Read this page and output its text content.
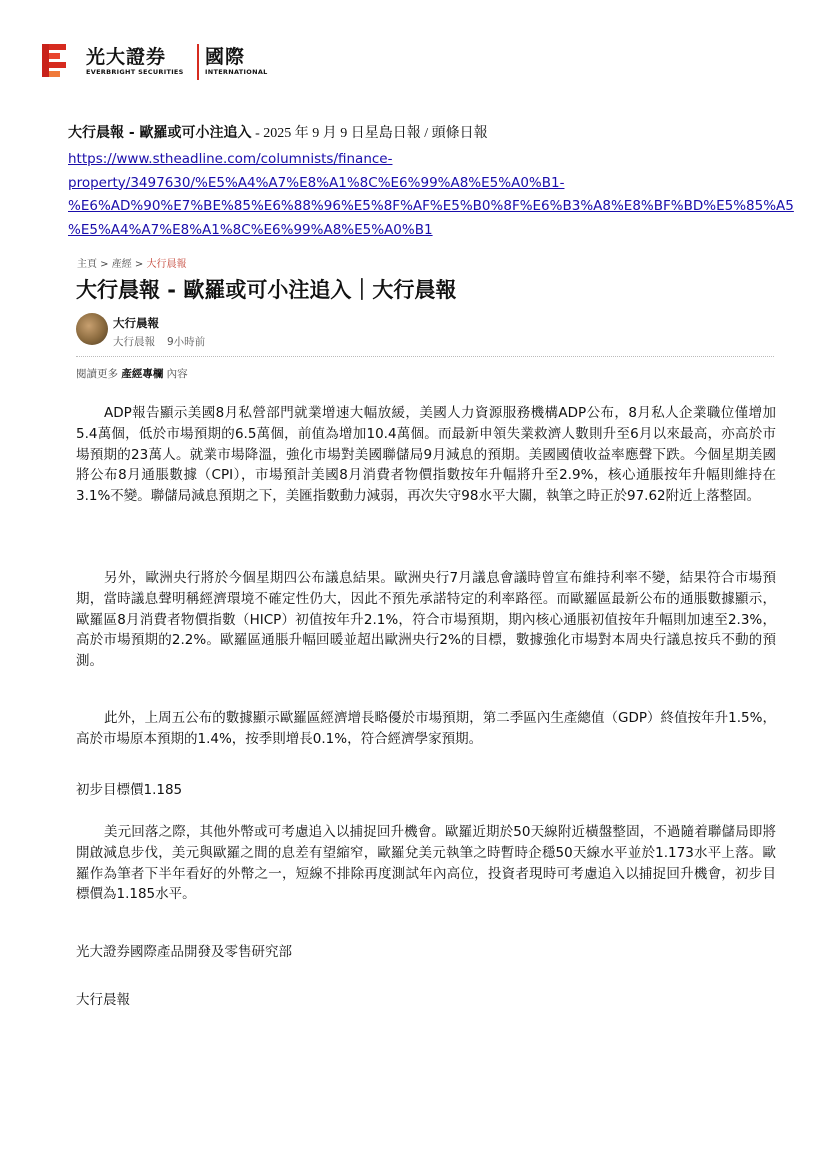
光大證券
EVERBRIGHT SECURITIES
國際
INTERNATIONAL
大行晨報 - 歐羅或可小注追入 - 2025 年 9 月 9 日星島日報 / 頭條日報
https://www.stheadline.com/columnists/finance-
property/3497630/%E5%A4%A7%E8%A1%8C%E6%99%A8%E5%A0%B1-
%E6%AD%90%E7%BE%85%E6%88%96%E5%8F%AF%E5%B0%8F%E6%B3%A8%E8%BF%BD%E5%85%A5
%E5%A4%A7%E8%A1%8C%E6%99%A8%E5%A0%B1
主頁 > 產經 > 大行晨報
大行晨報 - 歐羅或可小注追入｜大行晨報
大行晨報
大行晨報 9小時前
閱讀更多 產經專欄 內容

ADP報告顯示美國8月私營部門就業增速大幅放緩，美國人力資源服務機構ADP公布，8月私人企業職位僅增加5.4萬個，低於市場預期的6.5萬個，前值為增加10.4萬個。而最新申領失業救濟人數則升至6月以來最高，亦高於市場預期的23萬人。就業市場降溫，強化市場對美國聯儲局9月減息的預期。美國國債收益率應聲下跌。今個星期美國將公布8月通脹數據（CPI），市場預計美國8月消費者物價指數按年升幅將升至2.9%，核心通脹按年升幅則維持在3.1%不變。聯儲局減息預期之下，美匯指數動力減弱，再次失守98水平大關，執筆之時正於97.62附近上落整固。

另外，歐洲央行將於今個星期四公布議息結果。歐洲央行7月議息會議時曾宣布維持利率不變，結果符合市場預期，當時議息聲明稱經濟環境不確定性仍大，因此不預先承諾特定的利率路徑。而歐羅區最新公布的通脹數據顯示，歐羅區8月消費者物價指數（HICP）初值按年升2.1%，符合市場預期，期內核心通脹初值按年升幅則加速至2.3%，高於市場預期的2.2%。歐羅區通脹升幅回暖並超出歐洲央行2%的目標，數據強化市場對本周央行議息按兵不動的預測。

此外，上周五公布的數據顯示歐羅區經濟增長略優於市場預期，第二季區內生產總值（GDP）終值按年升1.5%，高於市場原本預期的1.4%，按季則增長0.1%，符合經濟學家預期。

初步目標價1.185

美元回落之際，其他外幣或可考慮追入以捕捉回升機會。歐羅近期於50天線附近橫盤整固，不過隨着聯儲局即將開啟減息步伐，美元與歐羅之間的息差有望縮窄，歐羅兌美元執筆之時暫時企穩50天線水平並於1.173水平上落。歐羅作為筆者下半年看好的外幣之一，短線不排除再度測試年內高位，投資者現時可考慮追入以捕捉回升機會，初步目標價為1.185水平。

光大證券國際產品開發及零售研究部
大行晨報
